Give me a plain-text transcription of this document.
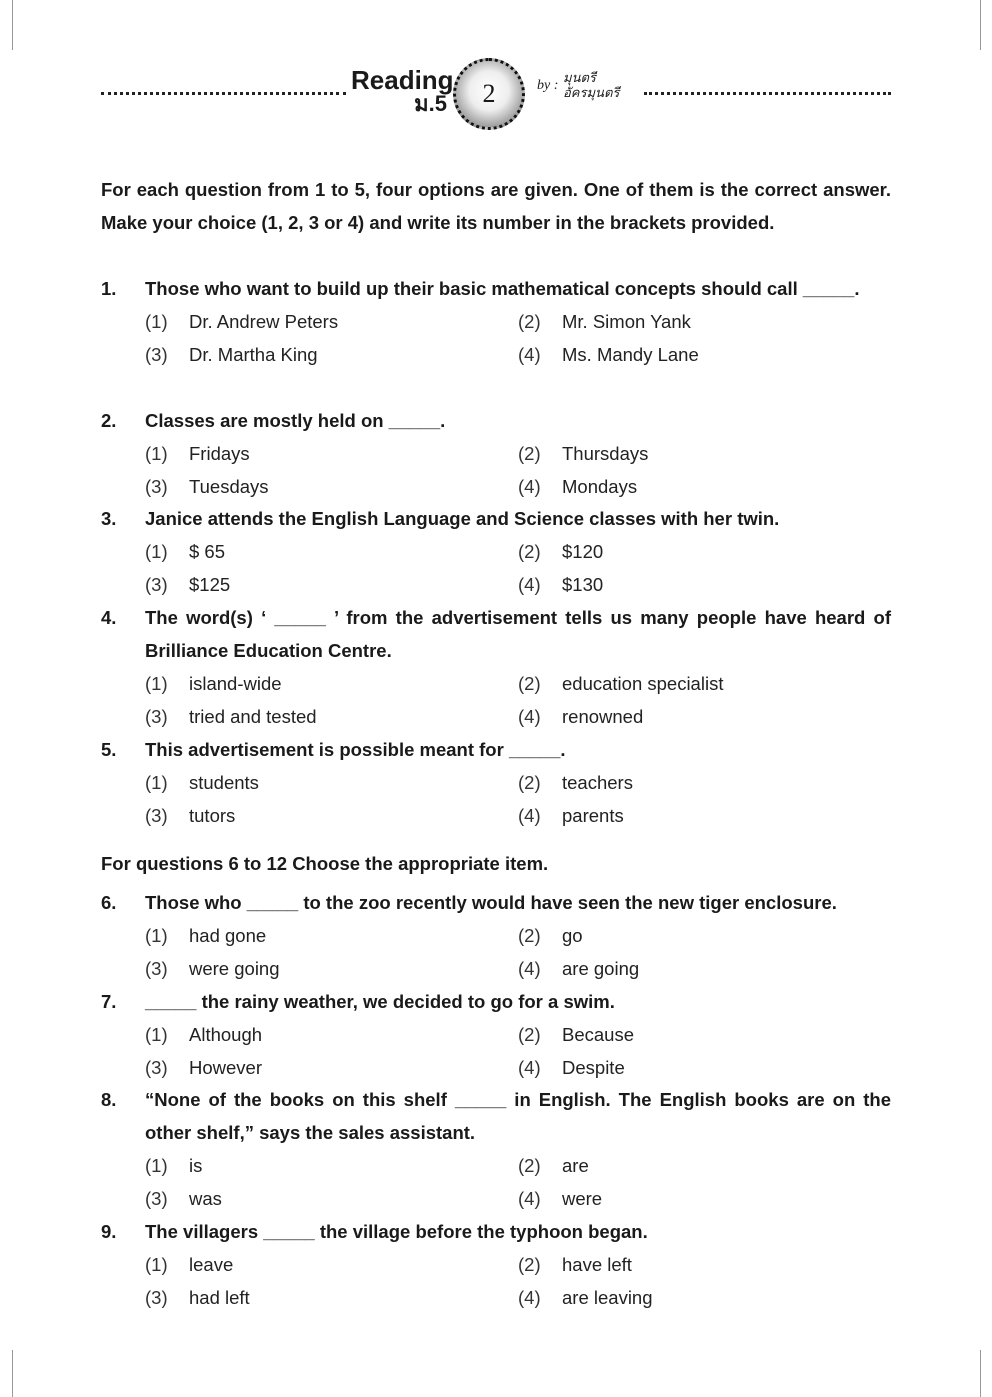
Reading
ม.5	2	by :
มุนตรี
อัครมุนตรี
For each question from 1 to 5, four options are given. One of them is the correct answer. Make your choice (1, 2, 3 or 4) and write its number in the brackets provided.
For questions 6 to 12 Choose the appropriate item.
1. Those who want to build up their basic mathematical concepts should call _____.
(1) Dr. Andrew Peters	(2) Mr. Simon Yank
(3) Dr. Martha King	(4) Ms. Mandy Lane
2. Classes are mostly held on _____.
(1) Fridays	(2) Thursdays
(3) Tuesdays	(4) Mondays
3. Janice attends the English Language and Science classes with her twin.
(1) $ 65	(2) $120
(3) $125	(4) $130
4. The word(s) ‘ _____ ’ from the advertisement tells us many people have heard of Brilliance Education Centre.
(1) island-wide	(2) education specialist
(3) tried and tested	(4) renowned
5. This advertisement is possible meant for _____.
(1) students	(2) teachers
(3) tutors	(4) parents
6. Those who _____ to the zoo recently would have seen the new tiger enclosure.
(1) had gone	(2) go
(3) were going	(4) are going
7. _____ the rainy weather, we decided to go for a swim.
(1) Although	(2) Because
(3) However	(4) Despite
8. “None of the books on this shelf _____ in English. The English books are on the other shelf,” says the sales assistant.
(1) is	(2) are
(3) was	(4) were
9. The villagers _____ the village before the typhoon began.
(1) leave	(2) have left
(3) had left	(4) are leaving
